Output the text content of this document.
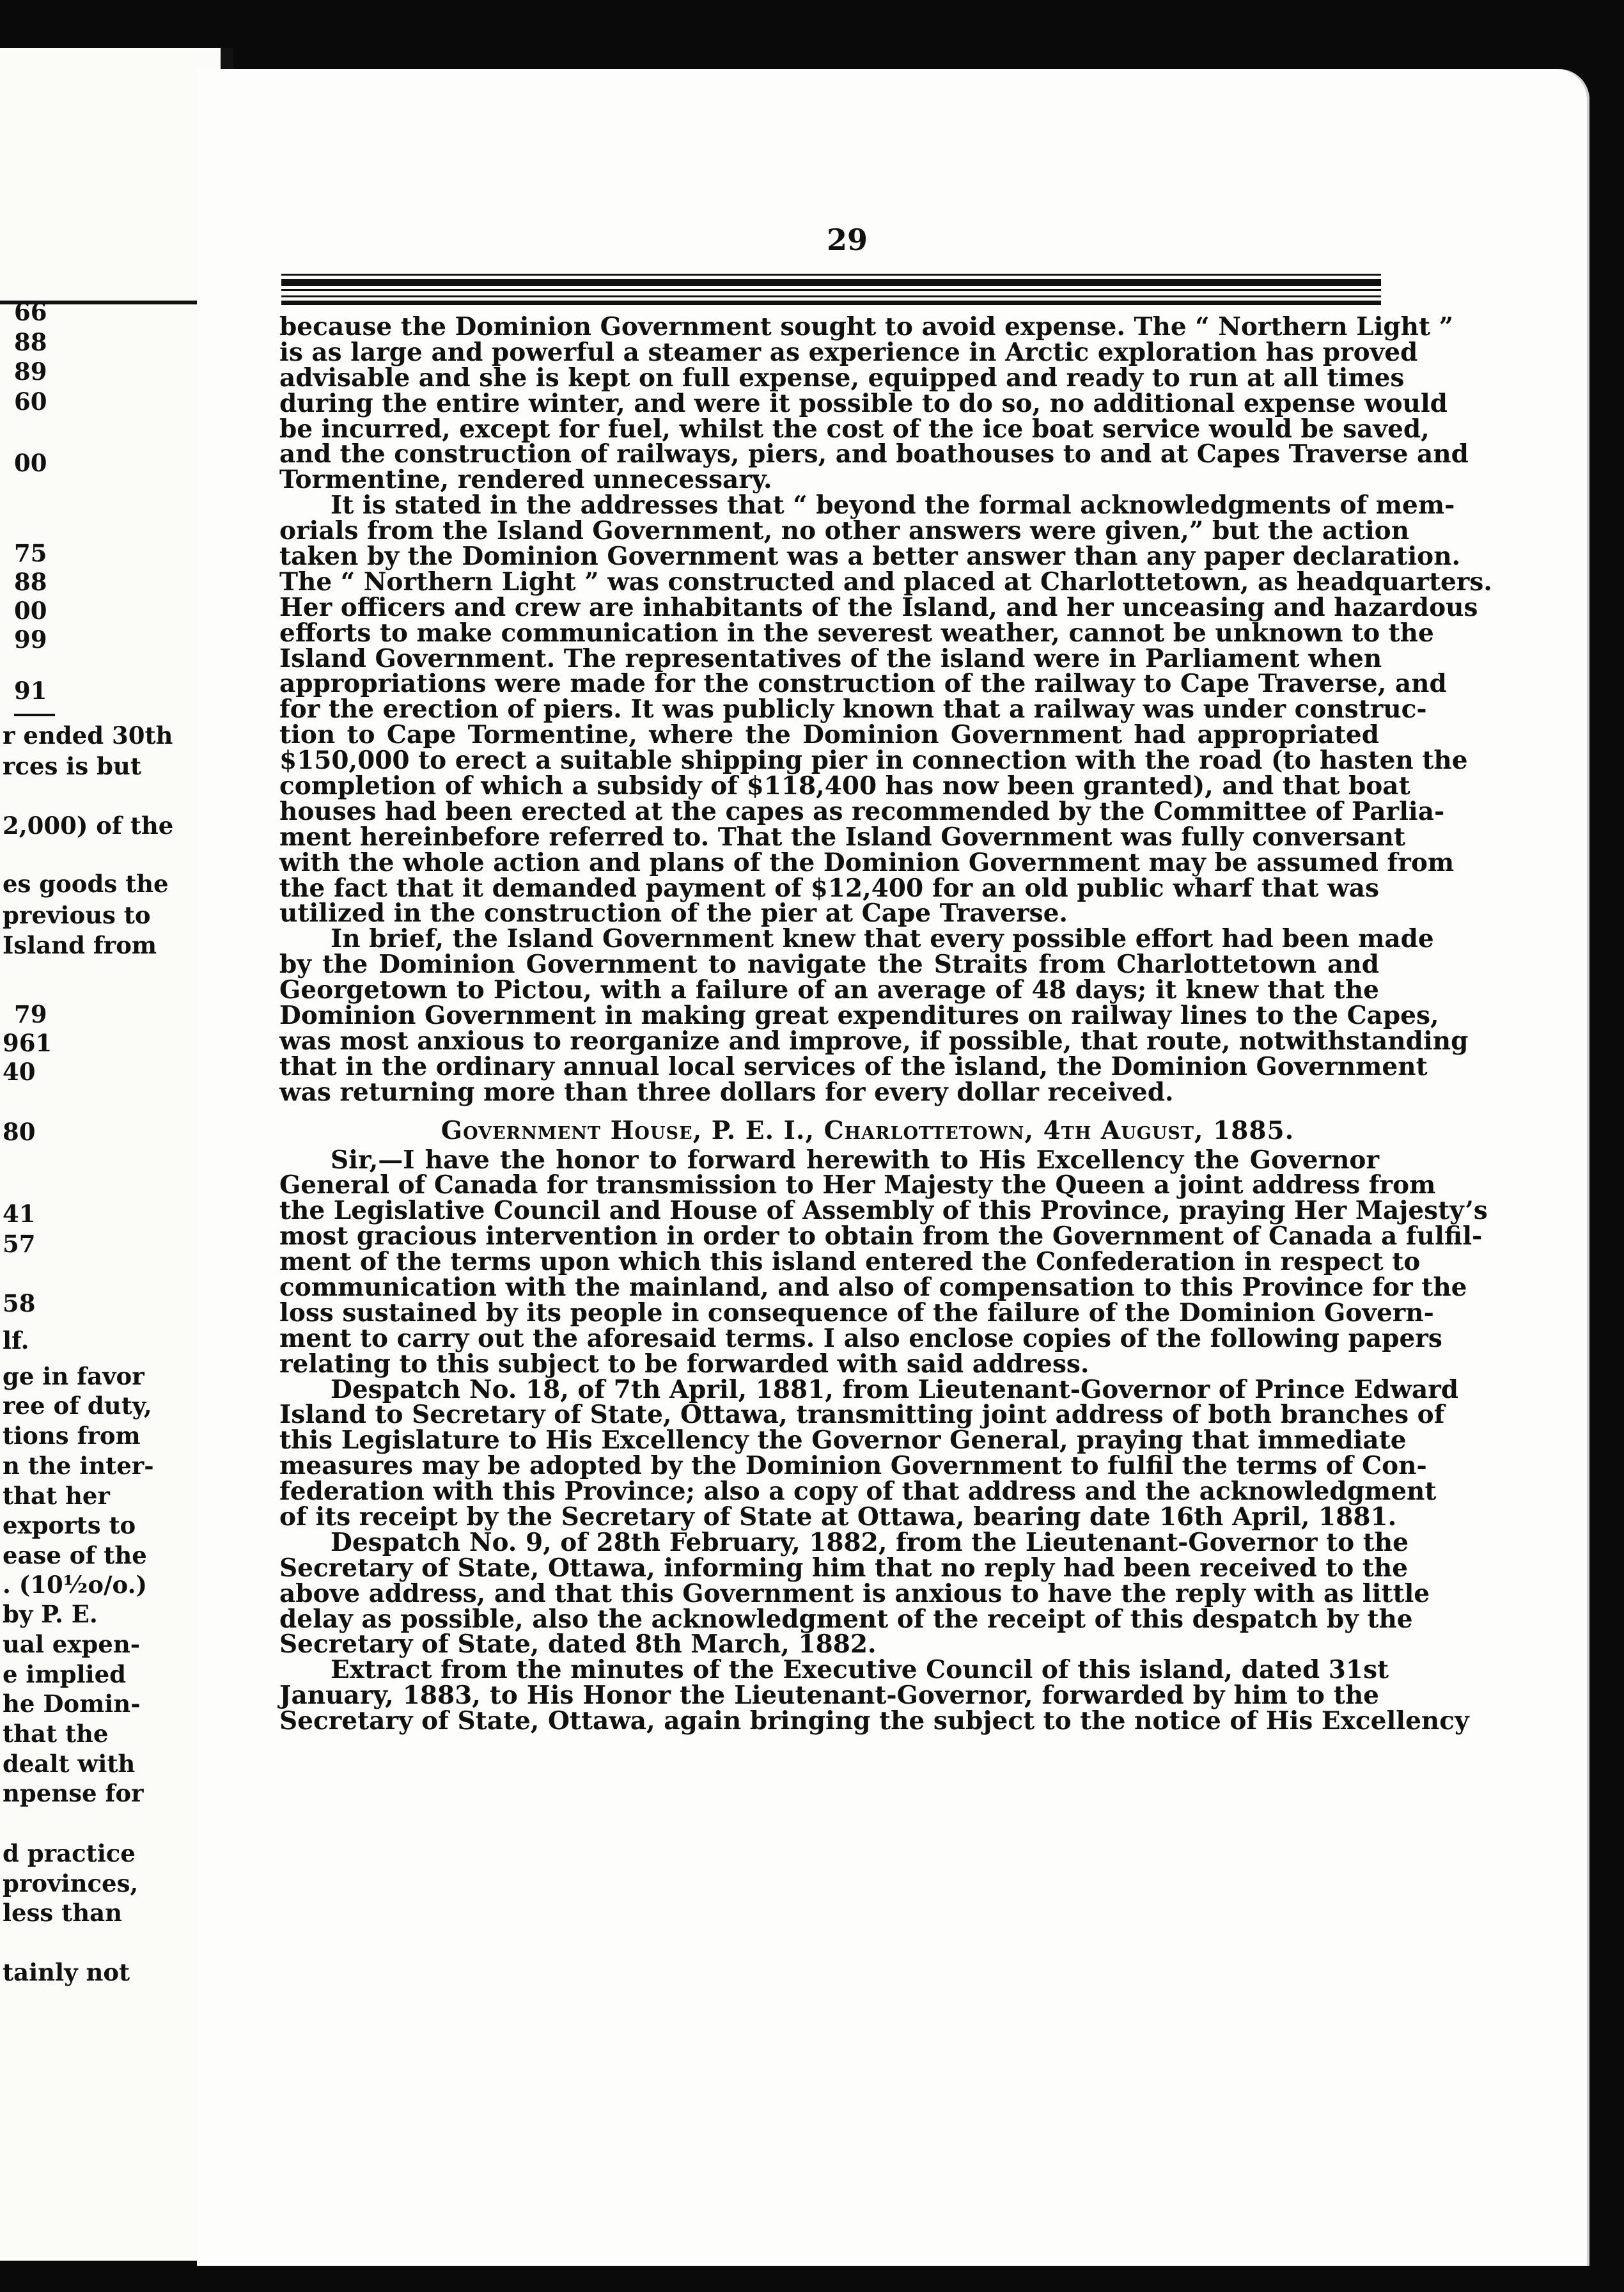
66
88
89
60
00
75
88
00
99
91
r ended 30th
rces is but
2,000) of the
es goods the
previous to
Island from
79
961
40
80
41
57
58
lf.
ge in favor
ree of duty,
tions from
n the inter-
that her
exports to
ease of the
. (10½o/o.)
by P. E.
ual expen-
e implied
he Domin-
that the
dealt with
npense for
d practice
provinces,
less than
tainly not
29
because the Dominion Government sought to avoid expense. The “ Northern Light ”
is as large and powerful a steamer as experience in Arctic exploration has proved
advisable and she is kept on full expense, equipped and ready to run at all times
during the entire winter, and were it possible to do so, no additional expense would
be incurred, except for fuel, whilst the cost of the ice boat service would be saved,
and the construction of railways, piers, and boathouses to and at Capes Traverse and
Tormentine, rendered unnecessary.
It is stated in the addresses that “ beyond the formal acknowledgments of mem-
orials from the Island Government, no other answers were given,” but the action
taken by the Dominion Government was a better answer than any paper declaration.
The “ Northern Light ” was constructed and placed at Charlottetown, as headquarters.
Her officers and crew are inhabitants of the Island, and her unceasing and hazardous
efforts to make communication in the severest weather, cannot be unknown to the
Island Government. The representatives of the island were in Parliament when
appropriations were made for the construction of the railway to Cape Traverse, and
for the erection of piers. It was publicly known that a railway was under construc-
tion to Cape Tormentine, where the Dominion Government had appropriated
$150,000 to erect a suitable shipping pier in connection with the road (to hasten the
completion of which a subsidy of $118,400 has now been granted), and that boat
houses had been erected at the capes as recommended by the Committee of Parlia-
ment hereinbefore referred to. That the Island Government was fully conversant
with the whole action and plans of the Dominion Government may be assumed from
the fact that it demanded payment of $12,400 for an old public wharf that was
utilized in the construction of the pier at Cape Traverse.
In brief, the Island Government knew that every possible effort had been made
by the Dominion Government to navigate the Straits from Charlottetown and
Georgetown to Pictou, with a failure of an average of 48 days; it knew that the
Dominion Government in making great expenditures on railway lines to the Capes,
was most anxious to reorganize and improve, if possible, that route, notwithstanding
that in the ordinary annual local services of the island, the Dominion Government
was returning more than three dollars for every dollar received.
Government House, P. E. I., Charlottetown, 4th August, 1885.
Sir,—I have the honor to forward herewith to His Excellency the Governor
General of Canada for transmission to Her Majesty the Queen a joint address from
the Legislative Council and House of Assembly of this Province, praying Her Majesty’s
most gracious intervention in order to obtain from the Government of Canada a fulfil-
ment of the terms upon which this island entered the Confederation in respect to
communication with the mainland, and also of compensation to this Province for the
loss sustained by its people in consequence of the failure of the Dominion Govern-
ment to carry out the aforesaid terms. I also enclose copies of the following papers
relating to this subject to be forwarded with said address.
Despatch No. 18, of 7th April, 1881, from Lieutenant-Governor of Prince Edward
Island to Secretary of State, Ottawa, transmitting joint address of both branches of
this Legislature to His Excellency the Governor General, praying that immediate
measures may be adopted by the Dominion Government to fulfil the terms of Con-
federation with this Province; also a copy of that address and the acknowledgment
of its receipt by the Secretary of State at Ottawa, bearing date 16th April, 1881.
Despatch No. 9, of 28th February, 1882, from the Lieutenant-Governor to the
Secretary of State, Ottawa, informing him that no reply had been received to the
above address, and that this Government is anxious to have the reply with as little
delay as possible, also the acknowledgment of the receipt of this despatch by the
Secretary of State, dated 8th March, 1882.
Extract from the minutes of the Executive Council of this island, dated 31st
January, 1883, to His Honor the Lieutenant-Governor, forwarded by him to the
Secretary of State, Ottawa, again bringing the subject to the notice of His Excellency
